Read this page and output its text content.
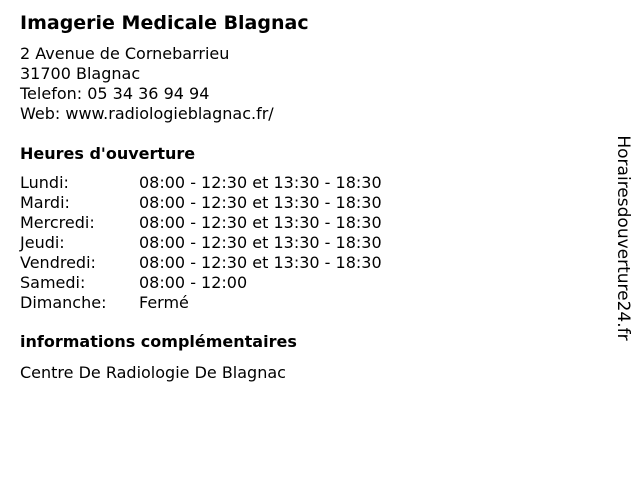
Imagerie Medicale Blagnac
2 Avenue de Cornebarrieu
31700 Blagnac
Telefon: 05 34 36 94 94
Web: www.radiologieblagnac.fr/
Heures d'ouverture
Lundi:	08:00 - 12:30 et 13:30 - 18:30
Mardi:	08:00 - 12:30 et 13:30 - 18:30
Mercredi:	08:00 - 12:30 et 13:30 - 18:30
Jeudi:	08:00 - 12:30 et 13:30 - 18:30
Vendredi:	08:00 - 12:30 et 13:30 - 18:30
Samedi:	08:00 - 12:00
Dimanche:	Fermé
informations complémentaires
Centre De Radiologie De Blagnac
Horairesdouverture24.fr
